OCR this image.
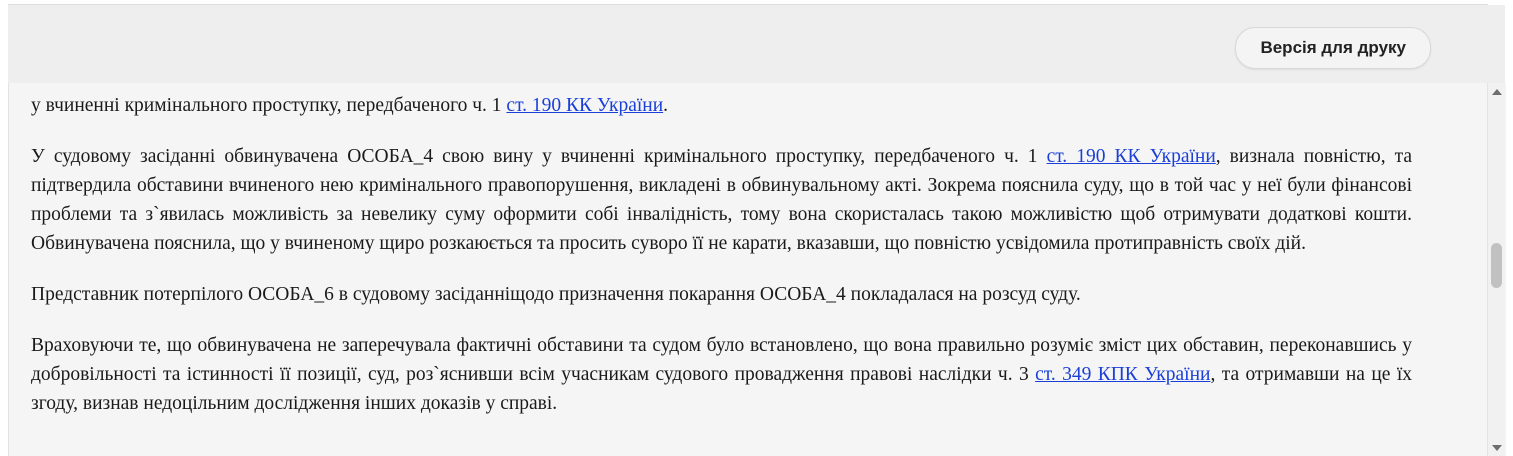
Версія для друку

у вчиненні кримінального проступку, передбаченого ч. 1 ст. 190 КК України.

У судовому засіданні обвинувачена ОСОБА_4 свою вину у вчиненні кримінального проступку, передбаченого ч. 1 ст. 190 КК України, визнала повністю, та підтвердила обставини вчиненого нею кримінального правопорушення, викладені в обвинувальному акті. Зокрема пояснила суду, що в той час у неї були фінансові проблеми та з`явилась можливість за невелику суму оформити собі інвалідність, тому вона скористалась такою можливістю щоб отримувати додаткові кошти. Обвинувачена пояснила, що у вчиненому щиро розкаюється та просить суворо її не карати, вказавши, що повністю усвідомила протиправність своїх дій.

Представник потерпілого ОСОБА_6 в судовому засіданніщодо призначення покарання ОСОБА_4 покладалася на розсуд суду.

Враховуючи те, що обвинувачена не заперечувала фактичні обставини та судом було встановлено, що вона правильно розуміє зміст цих обставин, переконавшись у добровільності та істинності її позиції, суд, роз`яснивши всім учасникам судового провадження правові наслідки ч. 3 ст. 349 КПК України, та отримавши на це їх згоду, визнав недоцільним дослідження інших доказів у справі.
